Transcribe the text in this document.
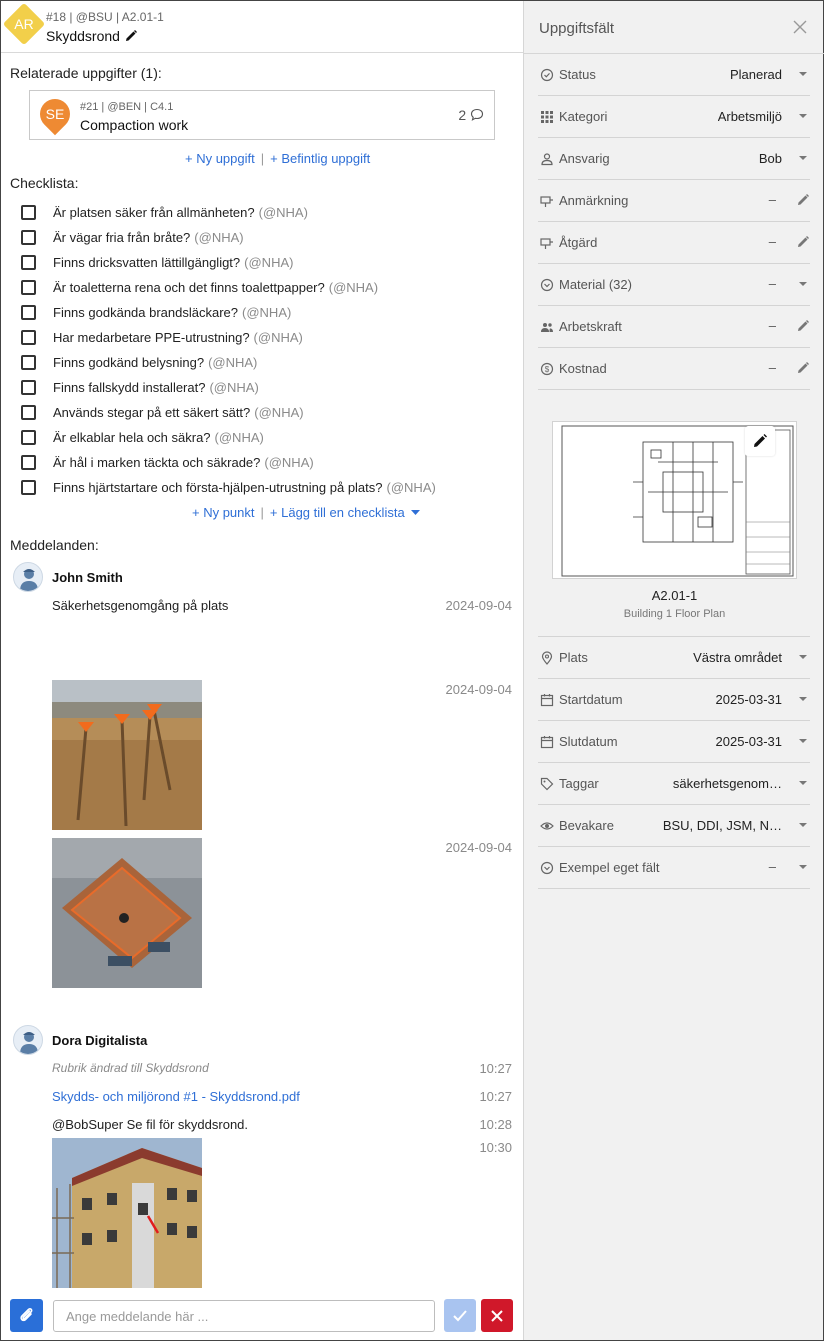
AR	#18 | @BSU | A2.01-1
Skyddsrond
Relaterade uppgifter (1):
SE	#21 | @BEN | C4.1
Compaction work
2
+ Ny uppgift | + Befintlig uppgift
Checklista:
Är platsen säker från allmänheten? (@NHA)
Är vägar fria från bråte? (@NHA)
Finns dricksvatten lättillgängligt? (@NHA)
Är toaletterna rena och det finns toalettpapper? (@NHA)
Finns godkända brandsläckare? (@NHA)
Har medarbetare PPE-utrustning? (@NHA)
Finns godkänd belysning? (@NHA)
Finns fallskydd installerat? (@NHA)
Används stegar på ett säkert sätt? (@NHA)
Är elkablar hela och säkra? (@NHA)
Är hål i marken täckta och säkrade? (@NHA)
Finns hjärtstartare och första-hjälpen-utrustning på plats? (@NHA)
+ Ny punkt | + Lägg till en checklista
Meddelanden:
John Smith
Säkerhetsgenomgång på plats	2024-09-04
2024-09-04
2024-09-04
Dora Digitalista
Rubrik ändrad till Skyddsrond	10:27
Skydds- och miljörond #1 - Skyddsrond.pdf	10:27
@BobSuper Se fil för skyddsrond.	10:28
10:30
Ange meddelande här ...
Uppgiftsfält
Status	Planerad
Kategori	Arbetsmiljö
Ansvarig	Bob
Anmärkning	–
Åtgärd	–
Material (32)	–
Arbetskraft	–
$ Kostnad	–
A2.01-1
Building 1 Floor Plan
Plats	Västra området
Startdatum	2025-03-31
Slutdatum	2025-03-31
Taggar	säkerhetsgenom…
Bevakare	BSU, DDI, JSM, N…
Exempel eget fält	–
